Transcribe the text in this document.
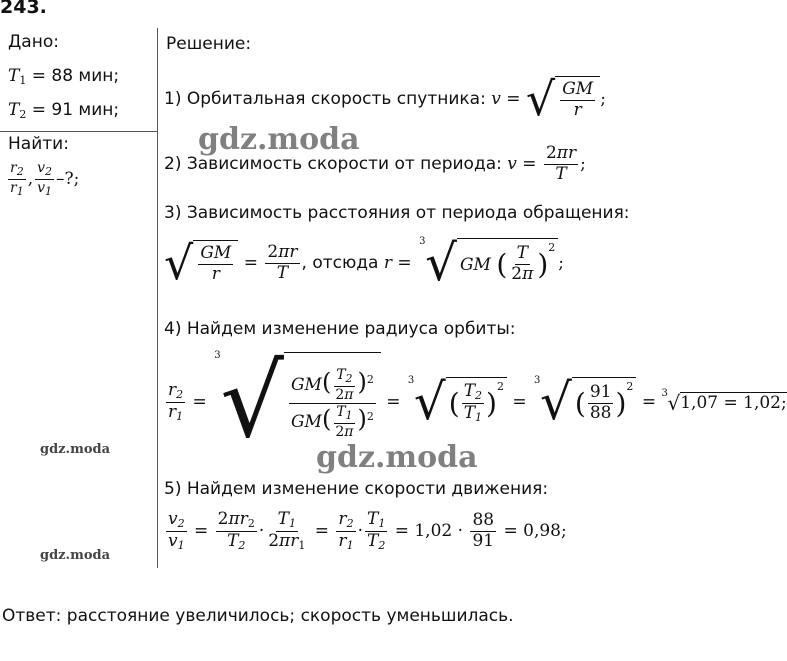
243.
Дано:
$T_1 = 88$ мин;
$T_2 = 91$ мин;
Найти:
$\frac{r_2}{r_1}$ , $\frac{v_2}{v_1}$ –?;
Решение:
1) Орбитальная скорость спутника:
v
=
√ $\frac{GM}{r}$ ;
2) Зависимость скорости от периода:
v
=
$\frac{2\pi r}{T}$ ;
3) Зависимость расстояния от периода обращения:
√ $\frac{GM}{r}$
=
$\frac{2\pi r}{T}$ , отсюда
r
=

3 √ GM
( $\frac{T}{2\pi}$ )
$^2$
;
4) Найдем изменение радиуса орбиты:
$\frac{r_2}{r_1}$
=

3 √ $\frac{GM( \frac{T_2}{2\pi} )^2}{GM( \frac{T_1}{2\pi} )^2}$
=

3 √ ( $\frac{T_2}{T_1}$ )
$^2$

=

3 √ ( $\frac{91}{88}$ )
$^2$

=
3 √ 1,07 = 1,02;
5) Найдем изменение скорости движения:
$\frac{v_2}{v_1}$
=
$\frac{2\pi r_2}{T_2} \cdot \frac{T_1}{2\pi r_1}$
=
$\frac{r_2}{r_1} \cdot \frac{T_1}{T_2}$
= 1,02 ·
$\frac{88}{91}$
= 0,98;
Ответ: расстояние увеличилось; скорость уменьшилась.
gdz.moda
gdz.moda
gdz.moda
gdz.moda
